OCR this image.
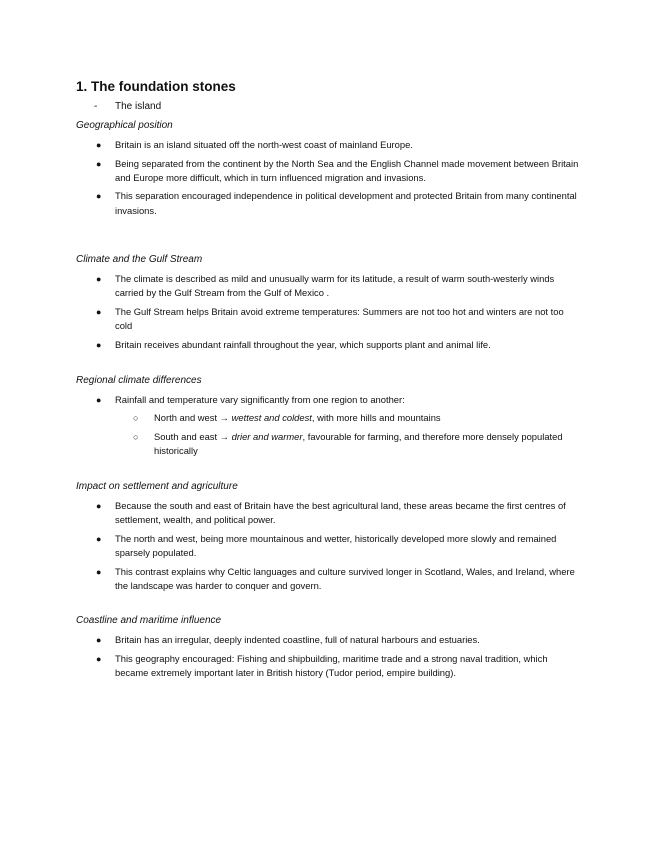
1. The foundation stones
-	The island

Geographical position

● Britain is an island situated off the north-west coast of mainland Europe.
● Being separated from the continent by the North Sea and the English Channel made movement between Britain and Europe more difficult, which in turn influenced migration and invasions.
● This separation encouraged independence in political development and protected Britain from many continental invasions.

Climate and the Gulf Stream

● The climate is described as mild and unusually warm for its latitude, a result of warm south-westerly winds carried by the Gulf Stream from the Gulf of Mexico .
● The Gulf Stream helps Britain avoid extreme temperatures: Summers are not too hot and winters are not too cold
● Britain receives abundant rainfall throughout the year, which supports plant and animal life.

Regional climate differences

● Rainfall and temperature vary significantly from one region to another:
○ North and west → wettest and coldest, with more hills and mountains
○ South and east → drier and warmer, favourable for farming, and therefore more densely populated historically

Impact on settlement and agriculture

● Because the south and east of Britain have the best agricultural land, these areas became the first centres of settlement, wealth, and political power.
● The north and west, being more mountainous and wetter, historically developed more slowly and remained sparsely populated.
● This contrast explains why Celtic languages and culture survived longer in Scotland, Wales, and Ireland, where the landscape was harder to conquer and govern.

Coastline and maritime influence

● Britain has an irregular, deeply indented coastline, full of natural harbours and estuaries.
● This geography encouraged: Fishing and shipbuilding, maritime trade and a strong naval tradition, which became extremely important later in British history (Tudor period, empire building).
